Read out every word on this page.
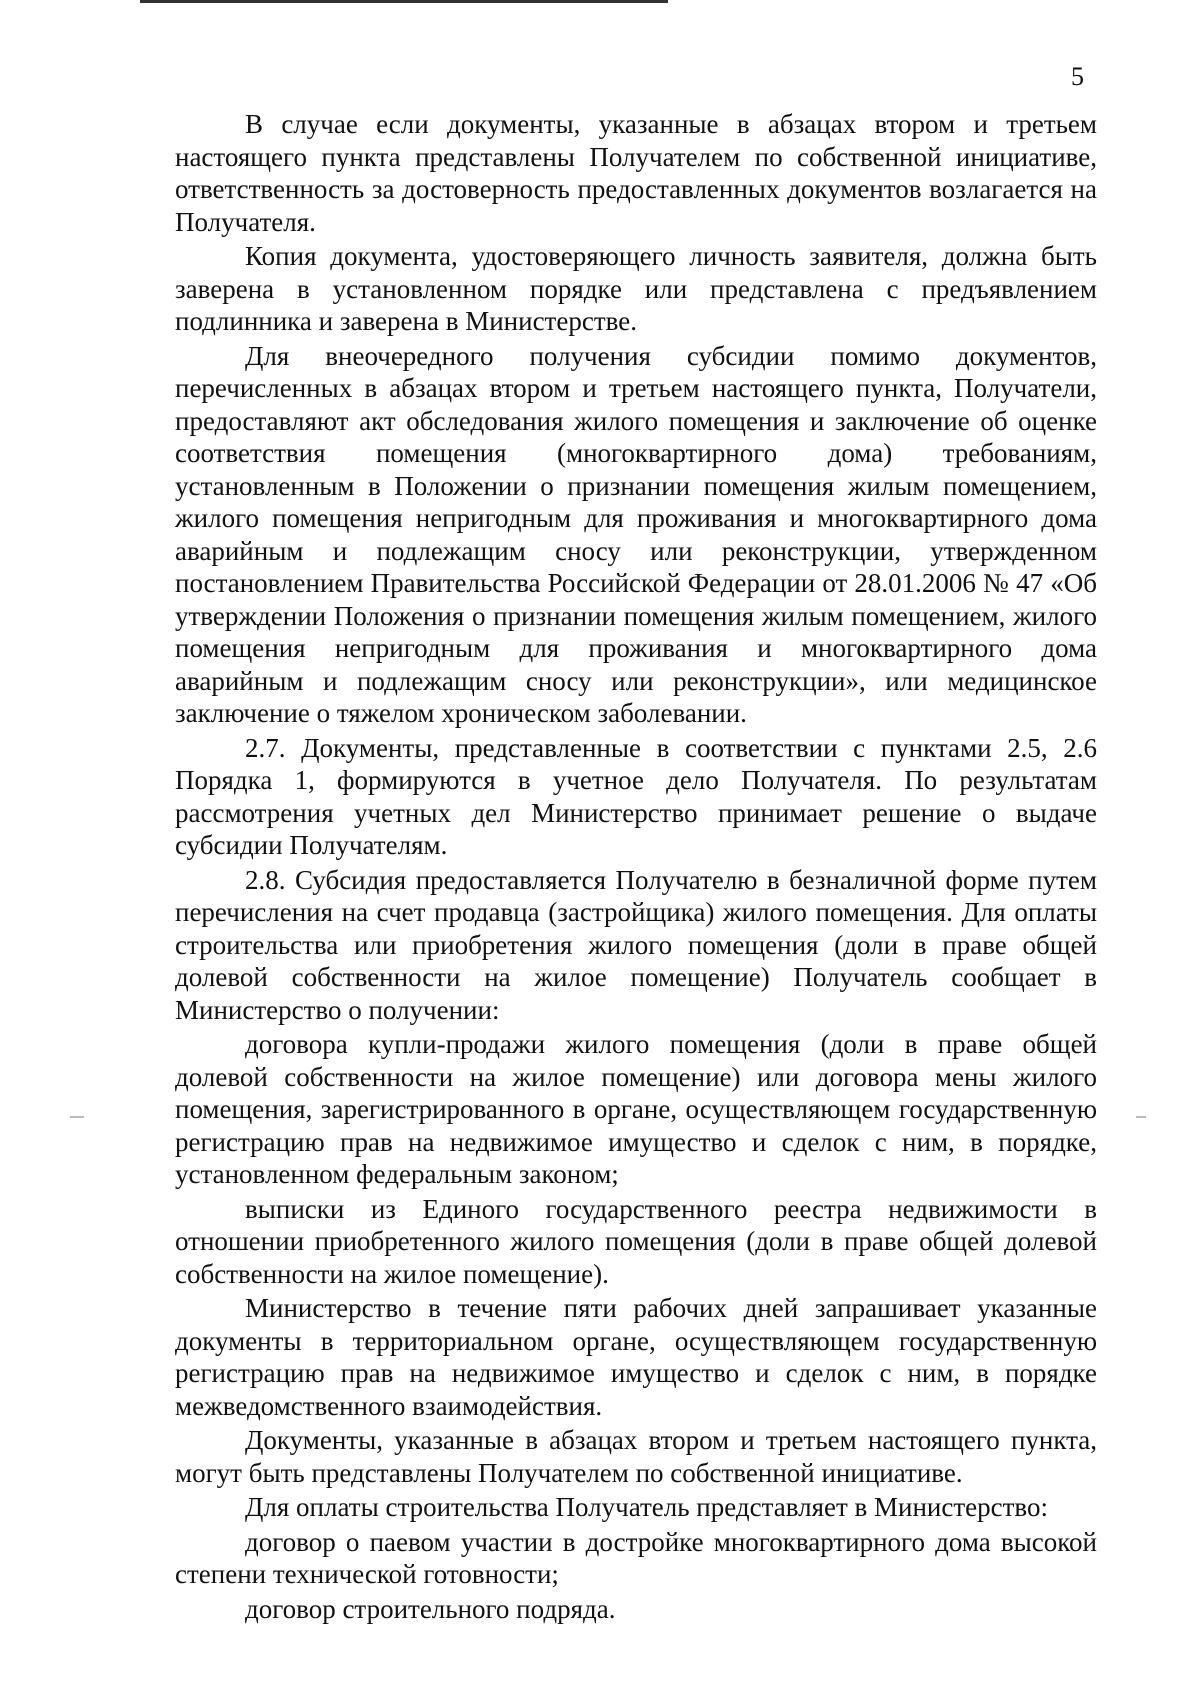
5

В случае если документы, указанные в абзацах втором и третьем настоящего пункта представлены Получателем по собственной инициативе, ответственность за достоверность предоставленных документов возлагается на Получателя.

Копия документа, удостоверяющего личность заявителя, должна быть заверена в установленном порядке или представлена с предъявлением подлинника и заверена в Министерстве.

Для внеочередного получения субсидии помимо документов, перечисленных в абзацах втором и третьем настоящего пункта, Получатели, предоставляют акт обследования жилого помещения и заключение об оценке соответствия помещения (многоквартирного дома) требованиям, установленным в Положении о признании помещения жилым помещением, жилого помещения непригодным для проживания и многоквартирного дома аварийным и подлежащим сносу или реконструкции, утвержденном постановлением Правительства Российской Федерации от 28.01.2006 № 47 «Об утверждении Положения о признании помещения жилым помещением, жилого помещения непригодным для проживания и многоквартирного дома аварийным и подлежащим сносу или реконструкции», или медицинское заключение о тяжелом хроническом заболевании.

2.7. Документы, представленные в соответствии с пунктами 2.5, 2.6 Порядка 1, формируются в учетное дело Получателя. По результатам рассмотрения учетных дел Министерство принимает решение о выдаче субсидии Получателям.

2.8. Субсидия предоставляется Получателю в безналичной форме путем перечисления на счет продавца (застройщика) жилого помещения. Для оплаты строительства или приобретения жилого помещения (доли в праве общей долевой собственности на жилое помещение) Получатель сообщает в Министерство о получении:

договора купли-продажи жилого помещения (доли в праве общей долевой собственности на жилое помещение) или договора мены жилого помещения, зарегистрированного в органе, осуществляющем государственную регистрацию прав на недвижимое имущество и сделок с ним, в порядке, установленном федеральным законом;

выписки из Единого государственного реестра недвижимости в отношении приобретенного жилого помещения (доли в праве общей долевой собственности на жилое помещение).

Министерство в течение пяти рабочих дней запрашивает указанные документы в территориальном органе, осуществляющем государственную регистрацию прав на недвижимое имущество и сделок с ним, в порядке межведомственного взаимодействия.

Документы, указанные в абзацах втором и третьем настоящего пункта, могут быть представлены Получателем по собственной инициативе.

Для оплаты строительства Получатель представляет в Министерство:

договор о паевом участии в достройке многоквартирного дома высокой степени технической готовности;

договор строительного подряда.
